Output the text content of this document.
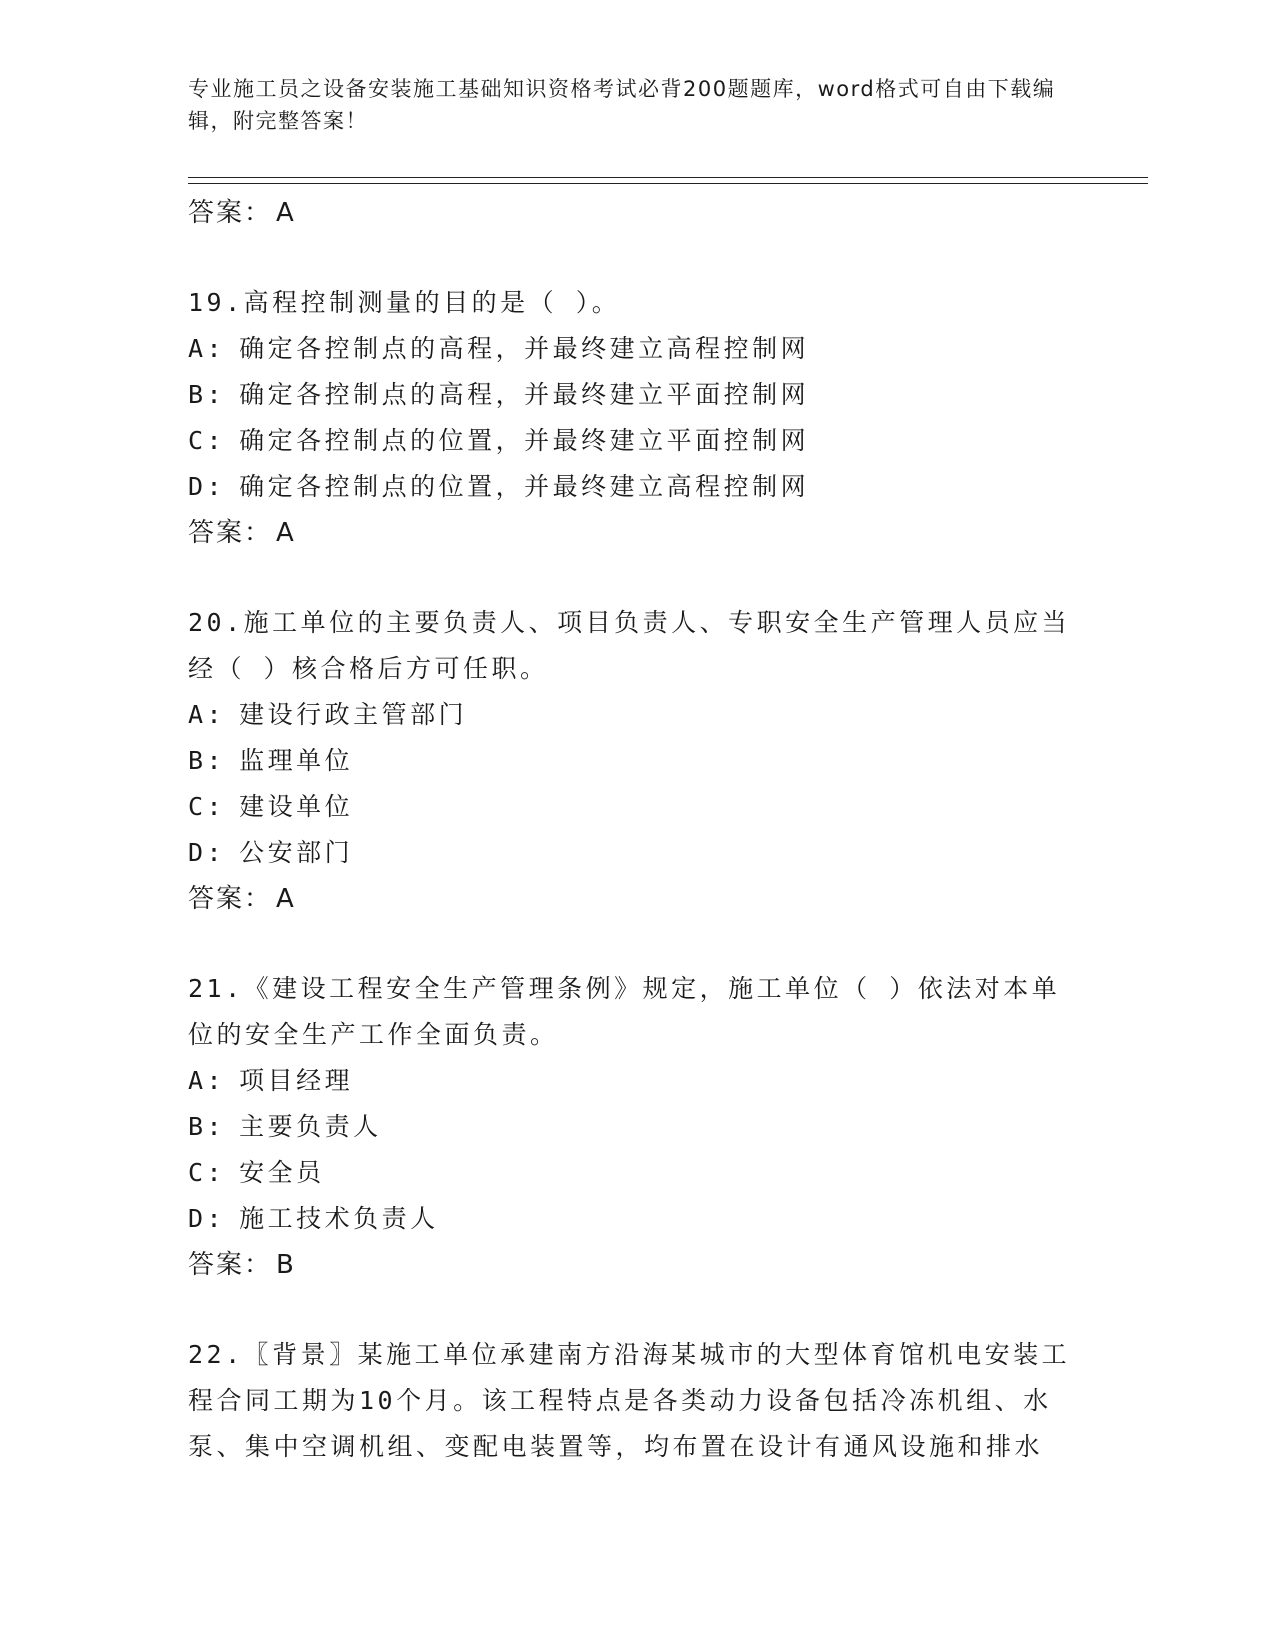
专业施工员之设备安装施工基础知识资格考试必背200题题库，word格式可自由下载编辑，附完整答案！
答案： A
19.高程控制测量的目的是（ ）。
A: 确定各控制点的高程，并最终建立高程控制网
B: 确定各控制点的高程，并最终建立平面控制网
C: 确定各控制点的位置，并最终建立平面控制网
D: 确定各控制点的位置，并最终建立高程控制网
答案： A
20.施工单位的主要负责人、项目负责人、专职安全生产管理人员应当经（ ）核合格后方可任职。
A: 建设行政主管部门
B: 监理单位
C: 建设单位
D: 公安部门
答案： A
21.《建设工程安全生产管理条例》规定，施工单位（ ）依法对本单位的安全生产工作全面负责。
A: 项目经理
B: 主要负责人
C: 安全员
D: 施工技术负责人
答案： B
22.〖背景〗某施工单位承建南方沿海某城市的大型体育馆机电安装工程合同工期为10个月。该工程特点是各类动力设备包括冷冻机组、水泵、集中空调机组、变配电装置等，均布置在设计有通风设施和排水
